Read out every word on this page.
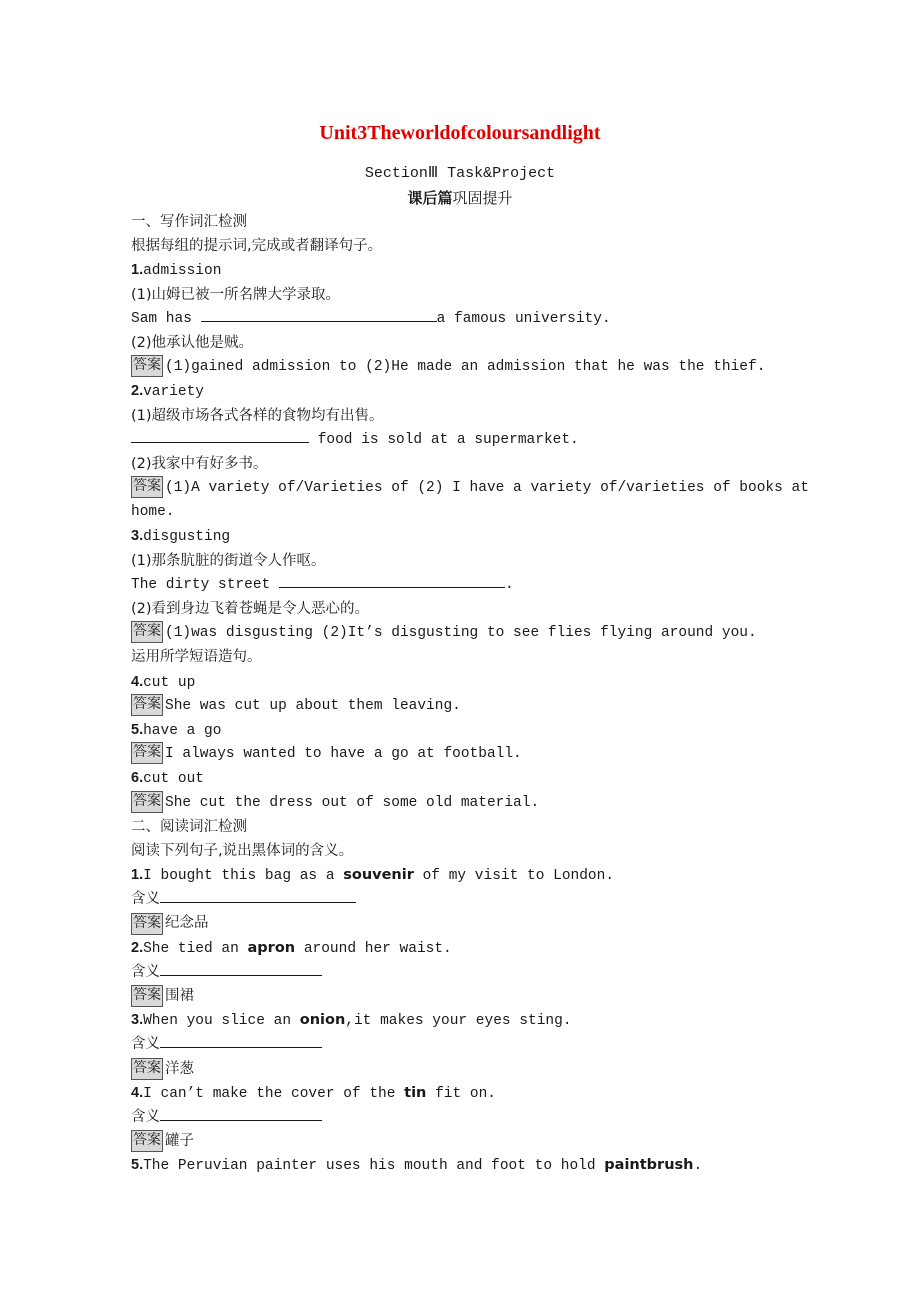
Unit3Theworldofcoloursandlight
SectionⅢ Task&Project
课后篇巩固提升
一、写作词汇检测
根据每组的提示词,完成或者翻译句子。
1.admission
(1)山姆已被一所名牌大学录取。
Sam has	a famous university.
(2)他承认他是贼。
答案 (1)gained admission to (2)He made an admission that he was the thief.
2.variety
(1)超级市场各式各样的食物均有出售。
food is sold at a supermarket.
(2)我家中有好多书。
答案 (1)A variety of/Varieties of (2) I have a variety of/varieties of books at
home.
3.disgusting
(1)那条肮脏的街道令人作呕。
The dirty street	.
(2)看到身边飞着苍蝇是令人恶心的。
答案 (1)was disgusting (2)It’s disgusting to see flies flying around you.
运用所学短语造句。
4.cut up
答案 She was cut up about them leaving.
5.have a go
答案 I always wanted to have a go at football.
6.cut out
答案 She cut the dress out of some old material.
二、阅读词汇检测
阅读下列句子,说出黑体词的含义。
1.I bought this bag as a souvenir of my visit to London.
含义
答案 纪念品
2.She tied an apron around her waist.
含义
答案 围裙
3.When you slice an onion,it makes your eyes sting.
含义
答案 洋葱
4.I can’t make the cover of the tin fit on.
含义
答案 罐子
5.The Peruvian painter uses his mouth and foot to hold paintbrush.
